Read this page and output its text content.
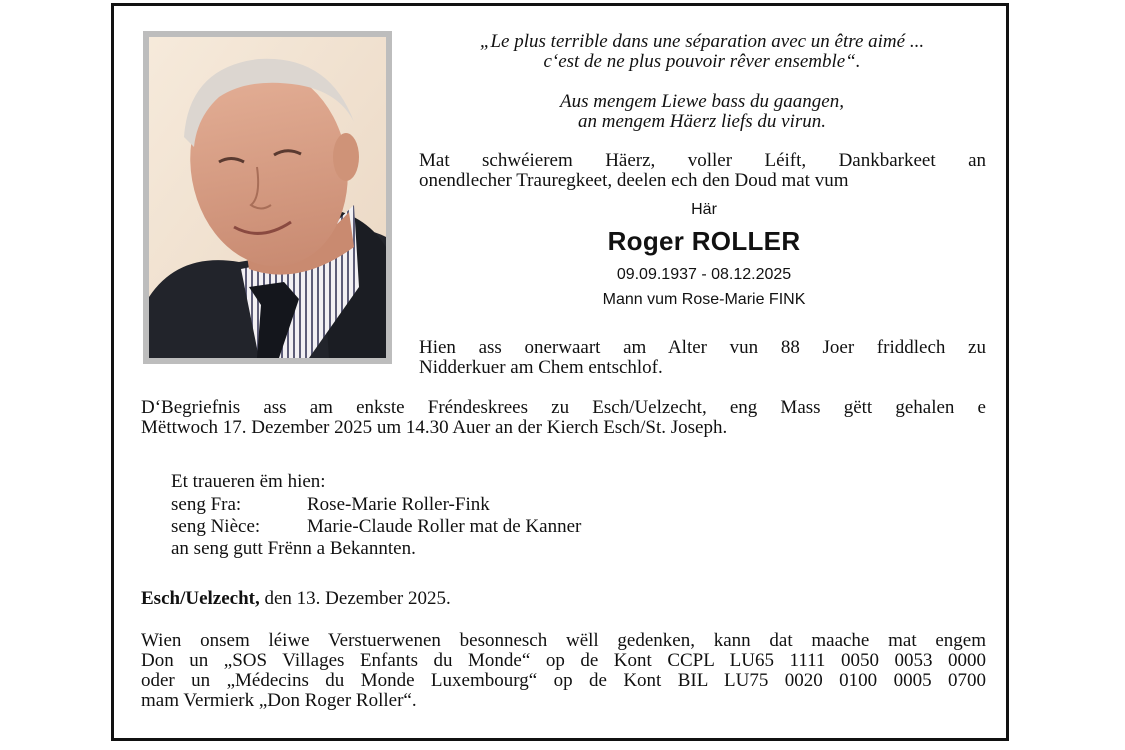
„Le plus terrible dans une séparation avec un être aimé ...
c‘est de ne plus pouvoir rêver ensemble“.
Aus mengem Liewe bass du gaangen,
an mengem Häerz liefs du virun.
Mat schwéierem Häerz, voller Léift, Dankbarkeet an
onendlecher Trauregkeet, deelen ech den Doud mat vum
Här
Roger ROLLER
09.09.1937 - 08.12.2025
Mann vum Rose-Marie FINK
Hien ass onerwaart am Alter vun 88 Joer friddlech zu
Nidderkuer am Chem entschlof.
D‘Begriefnis ass am enkste Fréndeskrees zu Esch/Uelzecht, eng Mass gëtt gehalen e
Mëttwoch 17. Dezember 2025 um 14.30 Auer an der Kierch Esch/St. Joseph.
Et traueren ëm hien:
seng Fra:	Rose-Marie Roller-Fink
seng Nièce:	Marie-Claude Roller mat de Kanner
an seng gutt Frënn a Bekannten.
Esch/Uelzecht, den 13. Dezember 2025.
Wien onsem léiwe Verstuerwenen besonnesch wëll gedenken, kann dat maache mat engem
Don un „SOS Villages Enfants du Monde“ op de Kont CCPL LU65 1111 0050 0053 0000
oder un „Médecins du Monde Luxembourg“ op de Kont BIL LU75 0020 0100 0005 0700
mam Vermierk „Don Roger Roller“.
